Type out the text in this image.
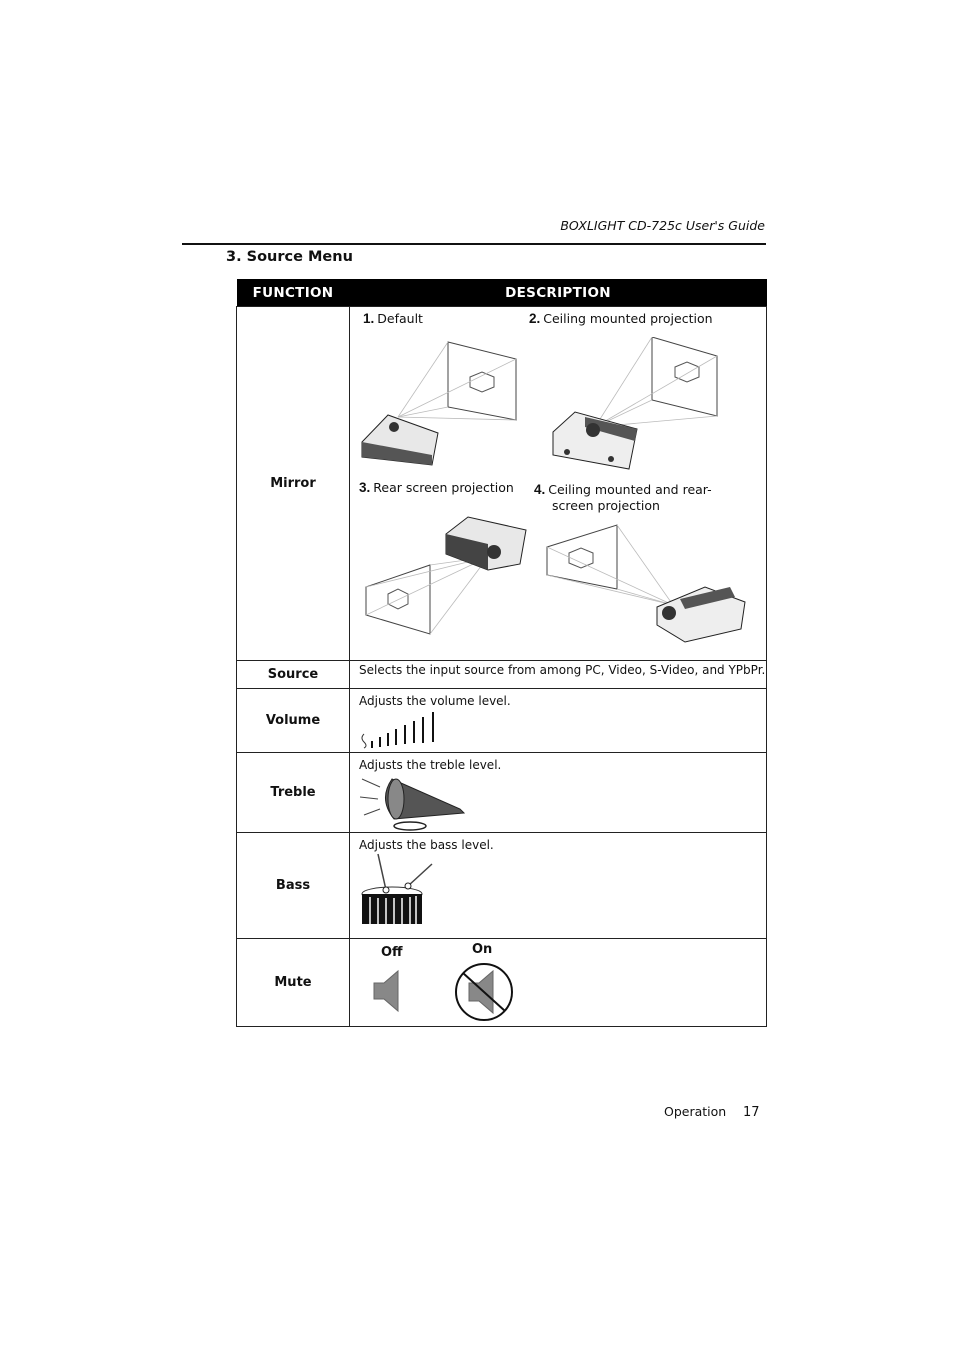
BOXLIGHT CD-725c User's Guide
3. Source Menu
FUNCTION	DESCRIPTION
Mirror	1. Default 2. Ceiling mounted projection
3. Rear screen projection 4. Ceiling mounted and rear-
screen projection

Source	Selects the input source from among PC, Video, S-Video, and YPbPr.

Volume	Adjusts the volume level.

Treble	Adjusts the treble level.

Bass	Adjusts the bass level.

Mute	Off On
Operation 17
